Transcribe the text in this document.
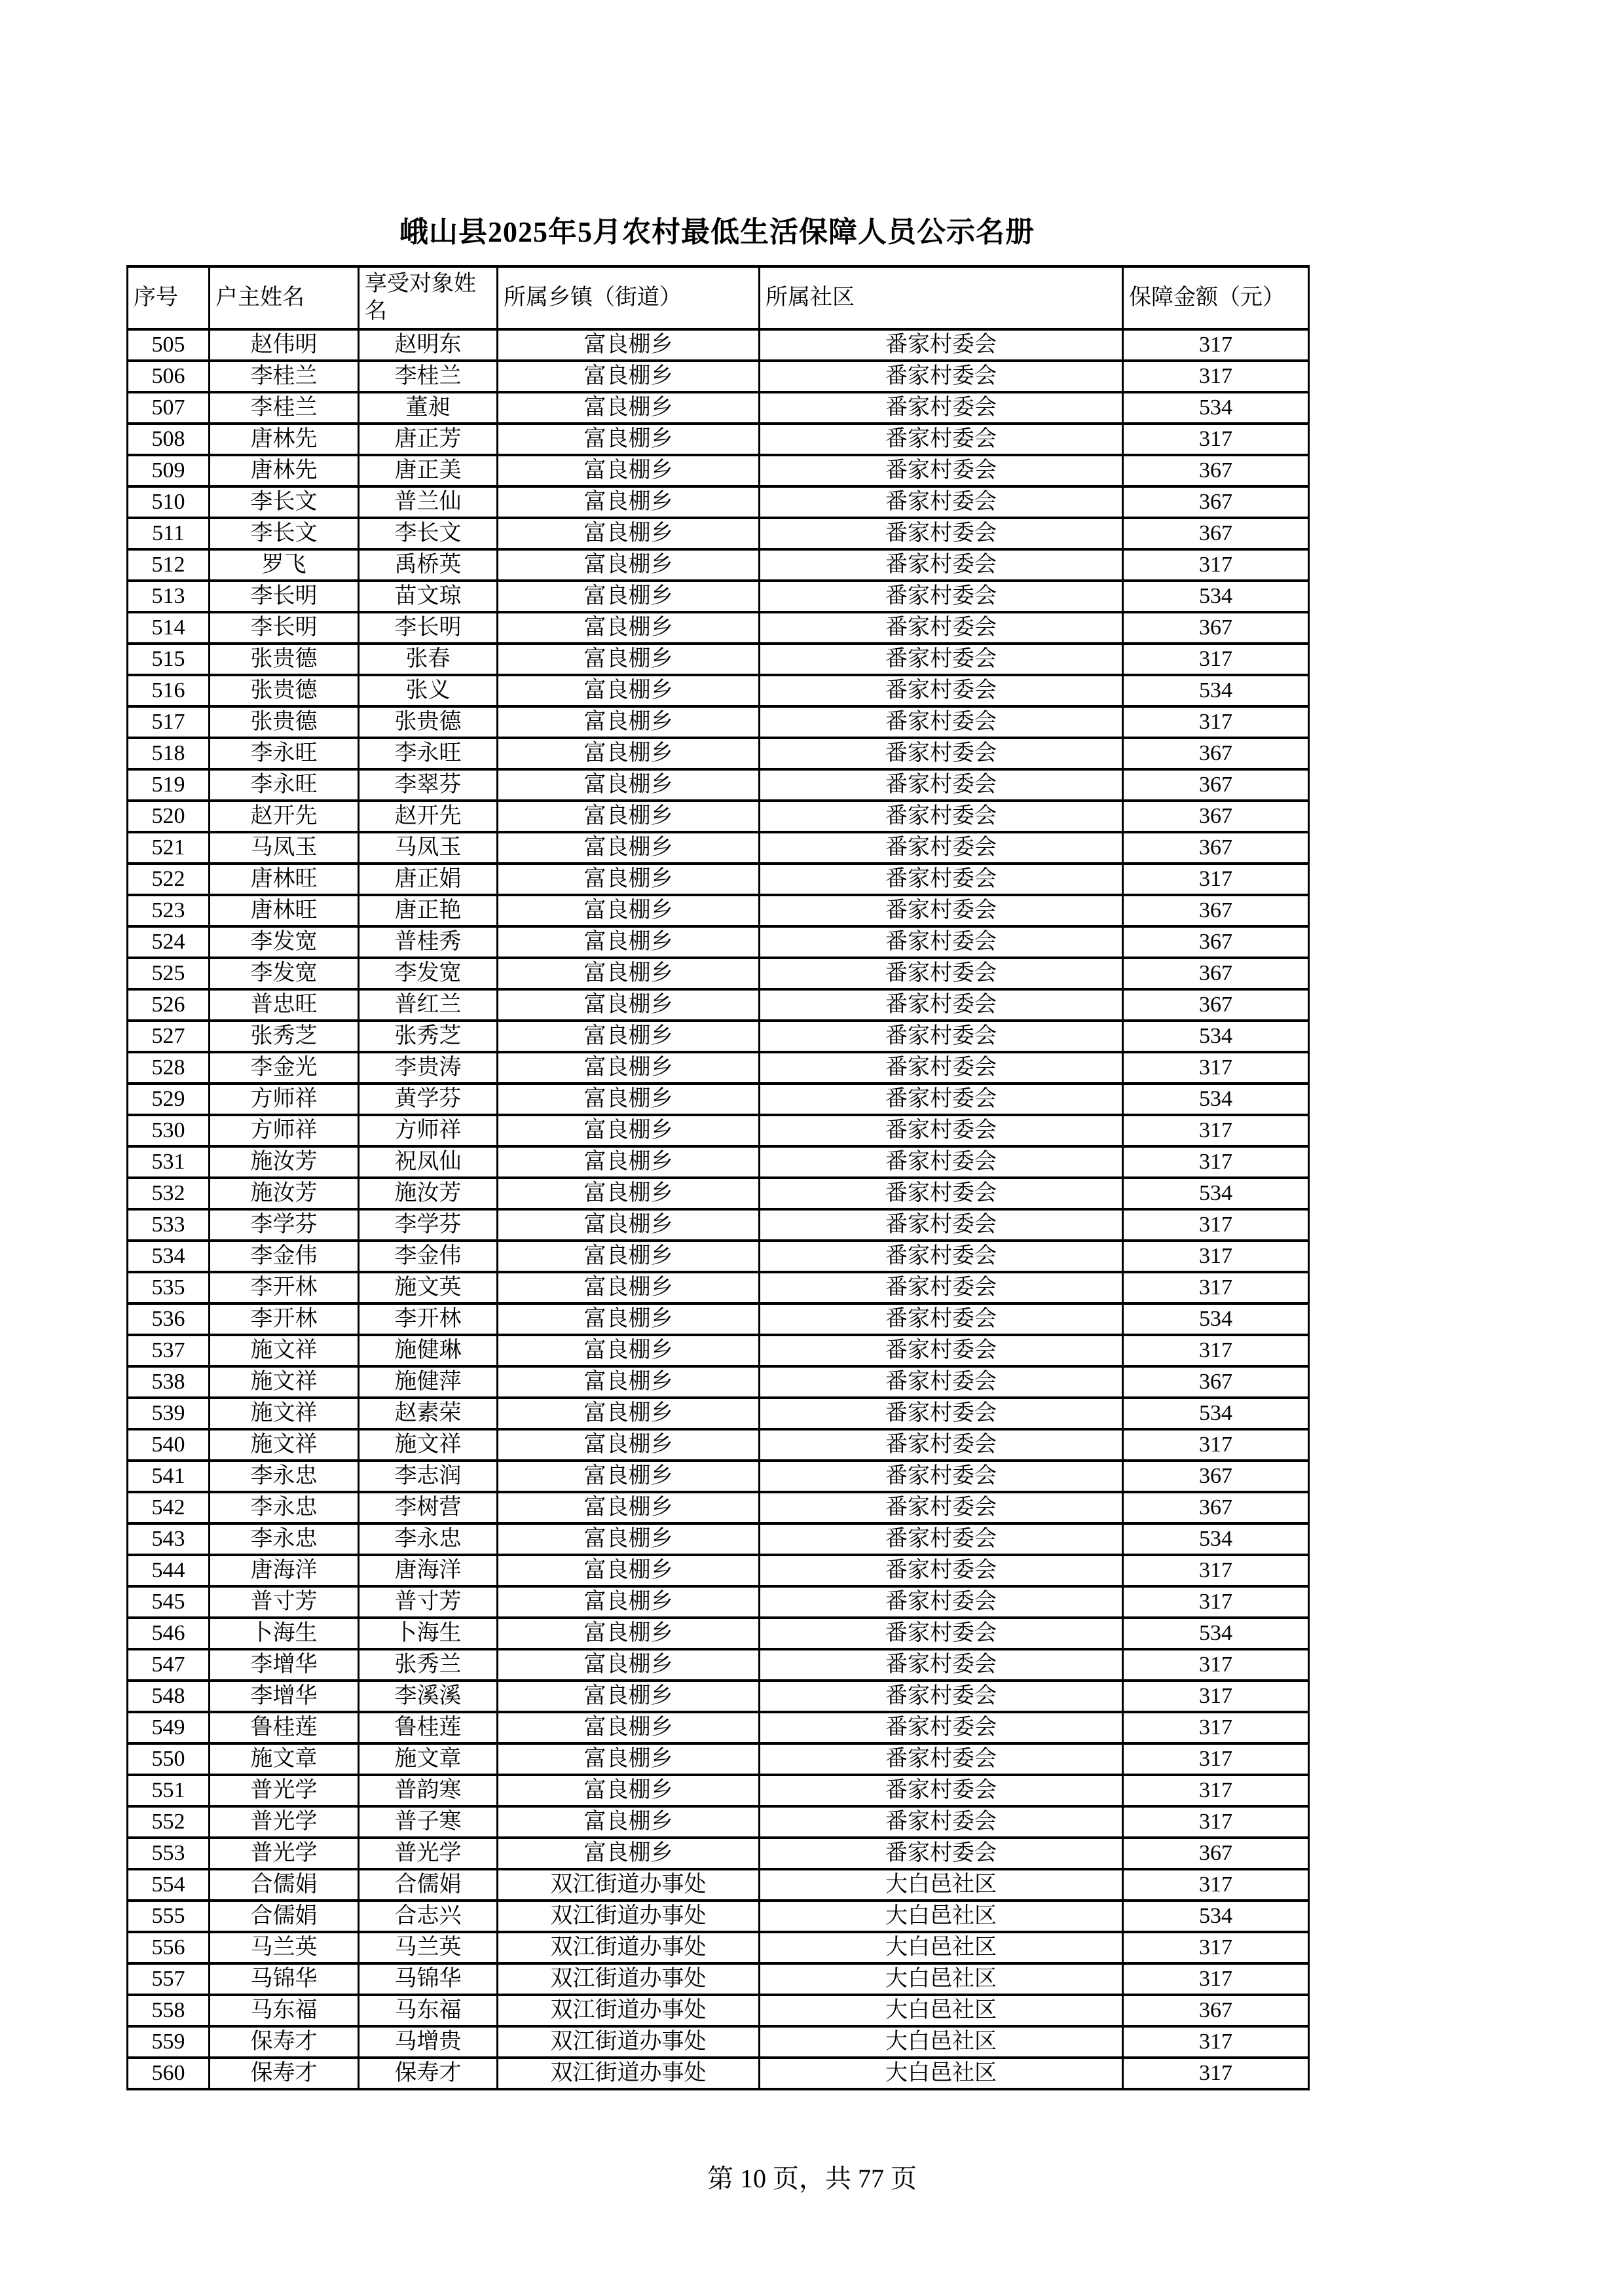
峨山县2025年5月农村最低生活保障人员公示名册
序号	户主姓名	享受对象姓名	所属乡镇（街道）	所属社区	保障金额（元）
505	赵伟明	赵明东	富良棚乡	番家村委会	317
506	李桂兰	李桂兰	富良棚乡	番家村委会	317
507	李桂兰	董昶	富良棚乡	番家村委会	534
508	唐林先	唐正芳	富良棚乡	番家村委会	317
509	唐林先	唐正美	富良棚乡	番家村委会	367
510	李长文	普兰仙	富良棚乡	番家村委会	367
511	李长文	李长文	富良棚乡	番家村委会	367
512	罗飞	禹桥英	富良棚乡	番家村委会	317
513	李长明	苗文琼	富良棚乡	番家村委会	534
514	李长明	李长明	富良棚乡	番家村委会	367
515	张贵德	张春	富良棚乡	番家村委会	317
516	张贵德	张义	富良棚乡	番家村委会	534
517	张贵德	张贵德	富良棚乡	番家村委会	317
518	李永旺	李永旺	富良棚乡	番家村委会	367
519	李永旺	李翠芬	富良棚乡	番家村委会	367
520	赵开先	赵开先	富良棚乡	番家村委会	367
521	马凤玉	马凤玉	富良棚乡	番家村委会	367
522	唐林旺	唐正娟	富良棚乡	番家村委会	317
523	唐林旺	唐正艳	富良棚乡	番家村委会	367
524	李发宽	普桂秀	富良棚乡	番家村委会	367
525	李发宽	李发宽	富良棚乡	番家村委会	367
526	普忠旺	普红兰	富良棚乡	番家村委会	367
527	张秀芝	张秀芝	富良棚乡	番家村委会	534
528	李金光	李贵涛	富良棚乡	番家村委会	317
529	方师祥	黄学芬	富良棚乡	番家村委会	534
530	方师祥	方师祥	富良棚乡	番家村委会	317
531	施汝芳	祝凤仙	富良棚乡	番家村委会	317
532	施汝芳	施汝芳	富良棚乡	番家村委会	534
533	李学芬	李学芬	富良棚乡	番家村委会	317
534	李金伟	李金伟	富良棚乡	番家村委会	317
535	李开林	施文英	富良棚乡	番家村委会	317
536	李开林	李开林	富良棚乡	番家村委会	534
537	施文祥	施健琳	富良棚乡	番家村委会	317
538	施文祥	施健萍	富良棚乡	番家村委会	367
539	施文祥	赵素荣	富良棚乡	番家村委会	534
540	施文祥	施文祥	富良棚乡	番家村委会	317
541	李永忠	李志润	富良棚乡	番家村委会	367
542	李永忠	李树营	富良棚乡	番家村委会	367
543	李永忠	李永忠	富良棚乡	番家村委会	534
544	唐海洋	唐海洋	富良棚乡	番家村委会	317
545	普寸芳	普寸芳	富良棚乡	番家村委会	317
546	卜海生	卜海生	富良棚乡	番家村委会	534
547	李增华	张秀兰	富良棚乡	番家村委会	317
548	李增华	李溪溪	富良棚乡	番家村委会	317
549	鲁桂莲	鲁桂莲	富良棚乡	番家村委会	317
550	施文章	施文章	富良棚乡	番家村委会	317
551	普光学	普韵寒	富良棚乡	番家村委会	317
552	普光学	普子寒	富良棚乡	番家村委会	317
553	普光学	普光学	富良棚乡	番家村委会	367
554	合儒娟	合儒娟	双江街道办事处	大白邑社区	317
555	合儒娟	合志兴	双江街道办事处	大白邑社区	534
556	马兰英	马兰英	双江街道办事处	大白邑社区	317
557	马锦华	马锦华	双江街道办事处	大白邑社区	317
558	马东福	马东福	双江街道办事处	大白邑社区	367
559	保寿才	马增贵	双江街道办事处	大白邑社区	317
560	保寿才	保寿才	双江街道办事处	大白邑社区	317
第 10 页，共 77 页
